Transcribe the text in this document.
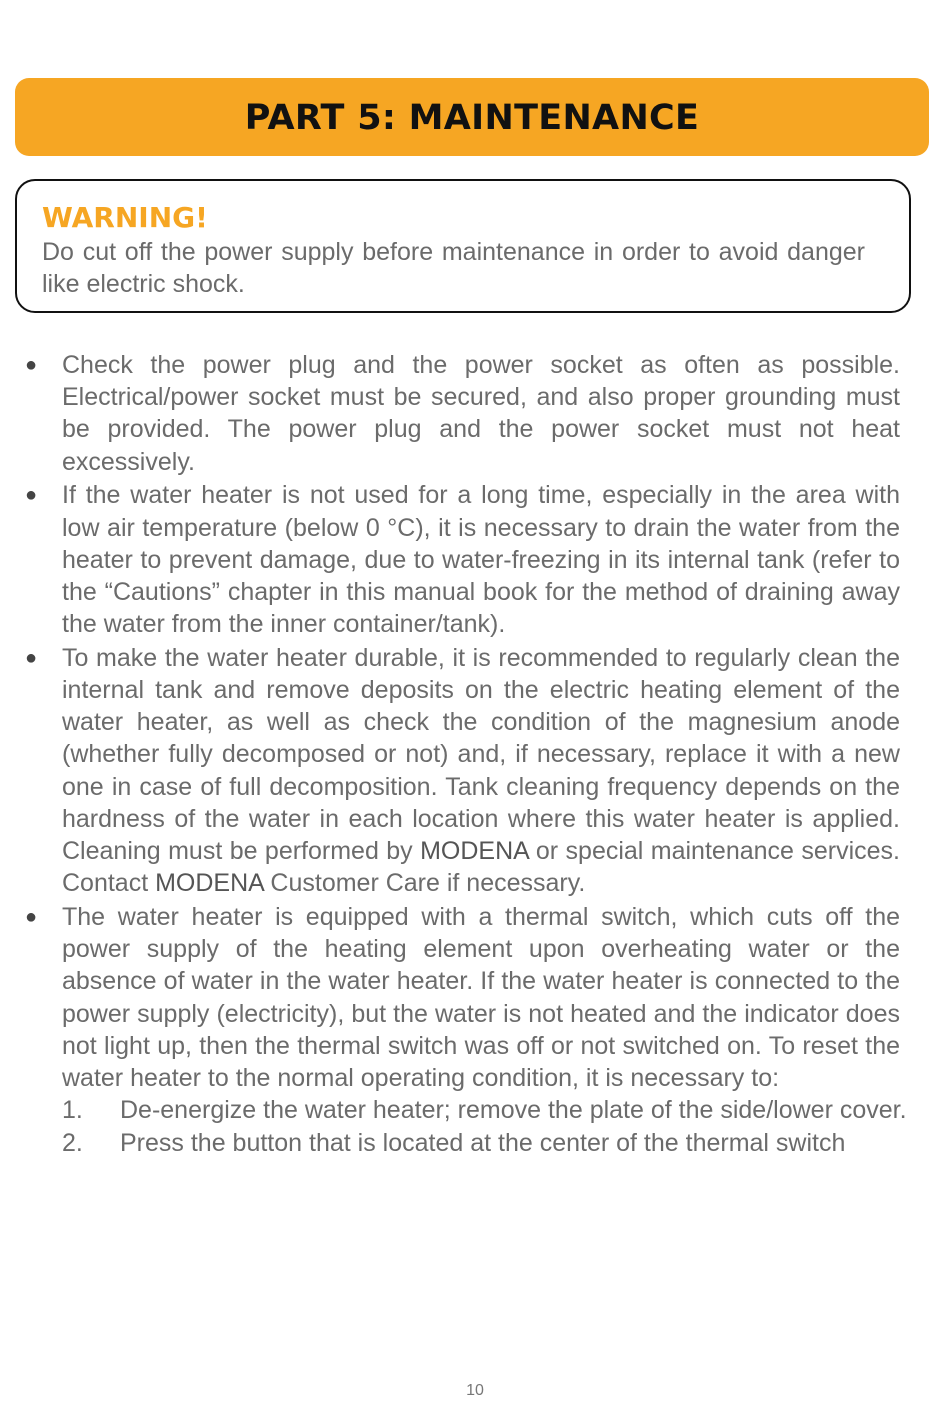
PART 5: MAINTENANCE
WARNING!
Do cut off the power supply before maintenance in order to avoid danger like electric shock.
● Check the power plug and the power socket as often as possible. Electrical/power socket must be secured, and also proper grounding must be provided. The power plug and the power socket must not heat excessively.
● If the water heater is not used for a long time, especially in the area with low air temperature (below 0 °C), it is necessary to drain the water from the heater to prevent damage, due to water-freezing in its internal tank (refer to the “Cautions” chapter in this manual book for the method of draining away the water from the inner container/tank).
● To make the water heater durable, it is recommended to regularly clean the internal tank and remove deposits on the electric heating element of the water heater, as well as check the condition of the magnesium anode (whether fully decomposed or not) and, if necessary, replace it with a new one in case of full decomposition. Tank cleaning frequency depends on the hardness of the water in each location where this water heater is applied. Cleaning must be performed by MODENA or special maintenance services. Contact MODENA Customer Care if necessary.
● The water heater is equipped with a thermal switch, which cuts off the power supply of the heating element upon overheating water or the absence of water in the water heater. If the water heater is connected to the power supply (electricity), but the water is not heated and the indicator does not light up, then the thermal switch was off or not switched on. To reset the water heater to the normal operating condition, it is necessary to:
1. De-energize the water heater; remove the plate of the side/lower cover.
2. Press the button that is located at the center of the thermal switch
10
